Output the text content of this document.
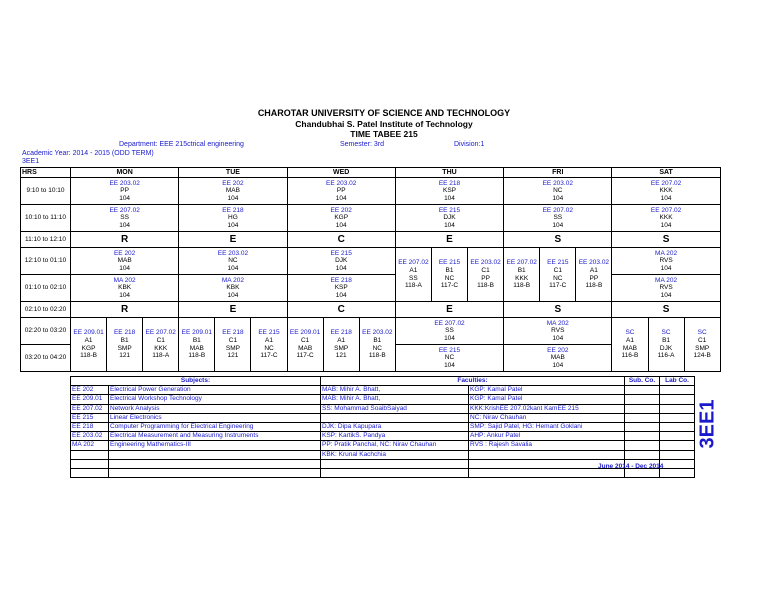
CHAROTAR UNIVERSITY OF SCIENCE AND TECHNOLOGY
Chandubhai S. Patel Institute of Technology
TIME TABEE 215
Department: EEE 215ctrical engineering	Semester: 3rd	Division:1
Academic Year: 2014 - 2015 (ODD TERM)
3EE1
HRS	MON			TUE			WED			THU			FRI			SAT		
9:10 to 10:10	EE 203.02
PP
104			EE 202
MAB
104			EE 203.02
PP
104			EE 218
KSP
104			EE 203.02
NC
104			EE 207.02
KKK
104		

10:10 to 11:10	EE 207.02
SS
104			EE 218
HG
104			EE 202
KGP
104			EE 215
DJK
104			EE 207.02
SS
104			EE 207.02
KKK
104		

11:10 to 12:10	R			E			C			E			S			S		
12:10 to 01:10	EE 202
MAB
104			EE 203.02
NC
104			EE 215
DJK
104			EE 207.02
A1
SS
118-A	EE 215
B1
NC
117-C	EE 203.02
C1
PP
118-B	EE 207.02
B1
KKK
118-B	EE 215
C1
NC
117-C	EE 203.02
A1
PP
118-B	MA 202
RVS
104		

01:10 to 02:10	MA 202
KBK
104			MA 202
KBK
104			EE 218
KSP
104									MA 202
RVS
104		

02:10 to 02:20	R			E			C			E			S			S		
02:20 to 03:20	EE 209.01
A1
KGP
118-B	EE 218
B1
SMP
121	EE 207.02
C1
KKK
118-A	EE 209.01
B1
MAB
118-B	EE 218
C1
SMP
121	EE 215
A1
NC
117-C	EE 209.01
C1
MAB
117-C	EE 218
A1
SMP
121	EE 203.02
B1
NC
118-B	EE 207.02
SS
104			MA 202
RVS
104			SC
A1
MAB
116-B	SC
B1
DJK
116-A	SC
C1
SMP
124-B

03:20 to 04:20										EE 215
NC
104			EE 202
MAB
104					
Subjects:		Faculties:		Sub. Co.	Lab Co.
EE 202	Electrical Power Generation	MAB: Mihir A. Bhatt,	KGP: Kamal Patel		
EE 209.01	Electrical Workshop Technology	MAB: Mihir A. Bhatt,	KGP: Kamal Patel		
EE 207.02	Network Analysis	SS: Mohammad SoaibSaiyad	KKK:KrishEE 207.02kant KamEE 215		
EE 215	Linear Electronics		NC: Nirav Chauhan		
EE 218	Computer Programming for Electrical Engineering	DJK: Dipa Kapupara	SMP: Sajid Patel, HG: Hemant Goklani		
EE 203.02	Electrical Measurement and Measuring Instruments	KSP: KartikS. Pandya	AHP: Ankur Patel		
MA 202	Engineering Mathematics-III	PP: Pratik Panchal, NC: Nirav Chauhan	RVS : Rajesh Savalia		
		KBK: Krunal Kachchia			

June 2014 - Dec 2014
3EE1
